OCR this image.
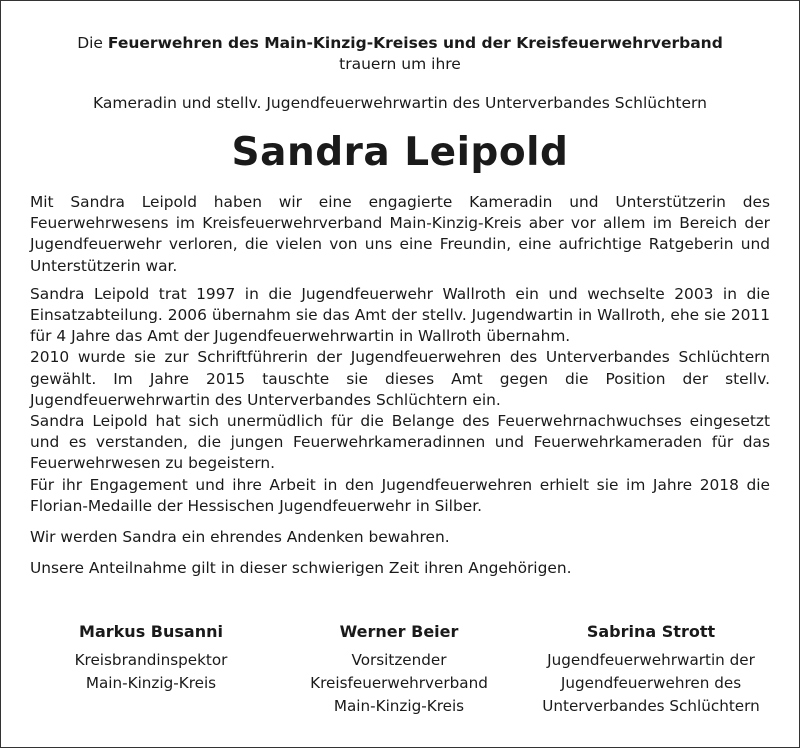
Die Feuerwehren des Main-Kinzig-Kreises und der Kreisfeuerwehrverband
trauern um ihre
Kameradin und stellv. Jugendfeuerwehrwartin des Unterverbandes Schlüchtern
Sandra Leipold

Mit Sandra Leipold haben wir eine engagierte Kameradin und Unterstützerin des Feuerwehrwesens im Kreisfeuerwehrverband Main-Kinzig-Kreis aber vor allem im Bereich der Jugendfeuerwehr verloren, die vielen von uns eine Freundin, eine aufrichtige Ratgeberin und Unterstützerin war.

Sandra Leipold trat 1997 in die Jugendfeuerwehr Wallroth ein und wechselte 2003 in die Einsatzabteilung. 2006 übernahm sie das Amt der stellv. Jugendwartin in Wallroth, ehe sie 2011 für 4 Jahre das Amt der Jugendfeuerwehrwartin in Wallroth übernahm.

2010 wurde sie zur Schriftführerin der Jugendfeuerwehren des Unterverbandes Schlüchtern gewählt. Im Jahre 2015 tauschte sie dieses Amt gegen die Position der stellv. Jugendfeuerwehrwartin des Unterverbandes Schlüchtern ein.

Sandra Leipold hat sich unermüdlich für die Belange des Feuerwehrnachwuchses eingesetzt und es verstanden, die jungen Feuerwehrkameradinnen und Feuerwehrkameraden für das Feuerwehrwesen zu begeistern.

Für ihr Engagement und ihre Arbeit in den Jugendfeuerwehren erhielt sie im Jahre 2018 die Florian-Medaille der Hessischen Jugendfeuerwehr in Silber.

Wir werden Sandra ein ehrendes Andenken bewahren.

Unsere Anteilnahme gilt in dieser schwierigen Zeit ihren Angehörigen.

Markus Busanni
Kreisbrandinspektor
Main-Kinzig-Kreis
Werner Beier
Vorsitzender
Kreisfeuerwehrverband
Main-Kinzig-Kreis
Sabrina Strott
Jugendfeuerwehrwartin der
Jugendfeuerwehren des
Unterverbandes Schlüchtern
